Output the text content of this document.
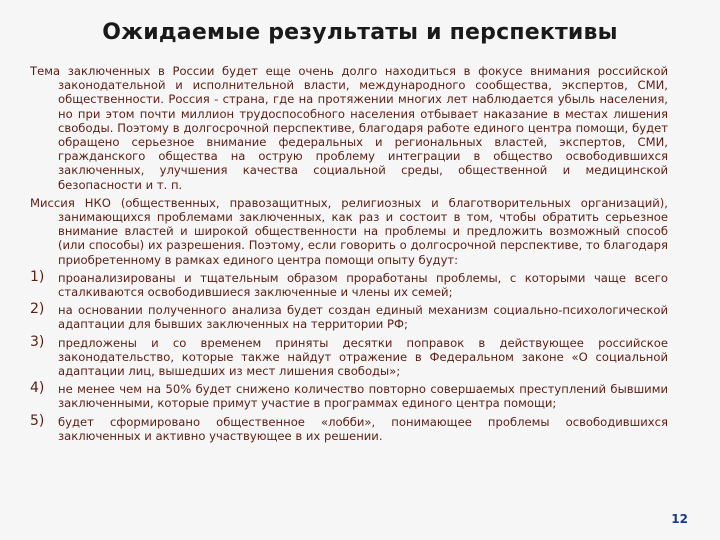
Ожидаемые результаты и перспективы

Тема заключенных в России будет еще очень долго находиться в фокусе внимания российской законодательной и исполнительной власти, международного сообщества, экспертов, СМИ, общественности. Россия - страна, где на протяжении многих лет наблюдается убыль населения, но при этом почти миллион трудоспособного населения отбывает наказание в местах лишения свободы. Поэтому в долгосрочной перспективе, благодаря работе единого центра помощи, будет обращено серьезное внимание федеральных и региональных властей, экспертов, СМИ, гражданского общества на острую проблему интеграции в общество освободившихся заключенных, улучшения качества социальной среды, общественной и медицинской безопасности и т. п.

Миссия НКО (общественных, правозащитных, религиозных и благотворительных организаций), занимающихся проблемами заключенных, как раз и состоит в том, чтобы обратить серьезное внимание властей и широкой общественности на проблемы и предложить возможный способ (или способы) их разрешения. Поэтому, если говорить о долгосрочной перспективе, то благодаря приобретенному в рамках единого центра помощи опыту будут:

1) проанализированы и тщательным образом проработаны проблемы, с которыми чаще всего сталкиваются освободившиеся заключенные и члены их семей;
2) на основании полученного анализа будет создан единый механизм социально-психологической адаптации для бывших заключенных на территории РФ;
3) предложены и со временем приняты десятки поправок в действующее российское законодательство, которые также найдут отражение в Федеральном законе «О социальной адаптации лиц, вышедших из мест лишения свободы»;
4) не менее чем на 50% будет снижено количество повторно совершаемых преступлений бывшими заключенными, которые примут участие в программах единого центра помощи;
5) будет сформировано общественное «лобби», понимающее проблемы освободившихся заключенных и активно участвующее в их решении.
12
